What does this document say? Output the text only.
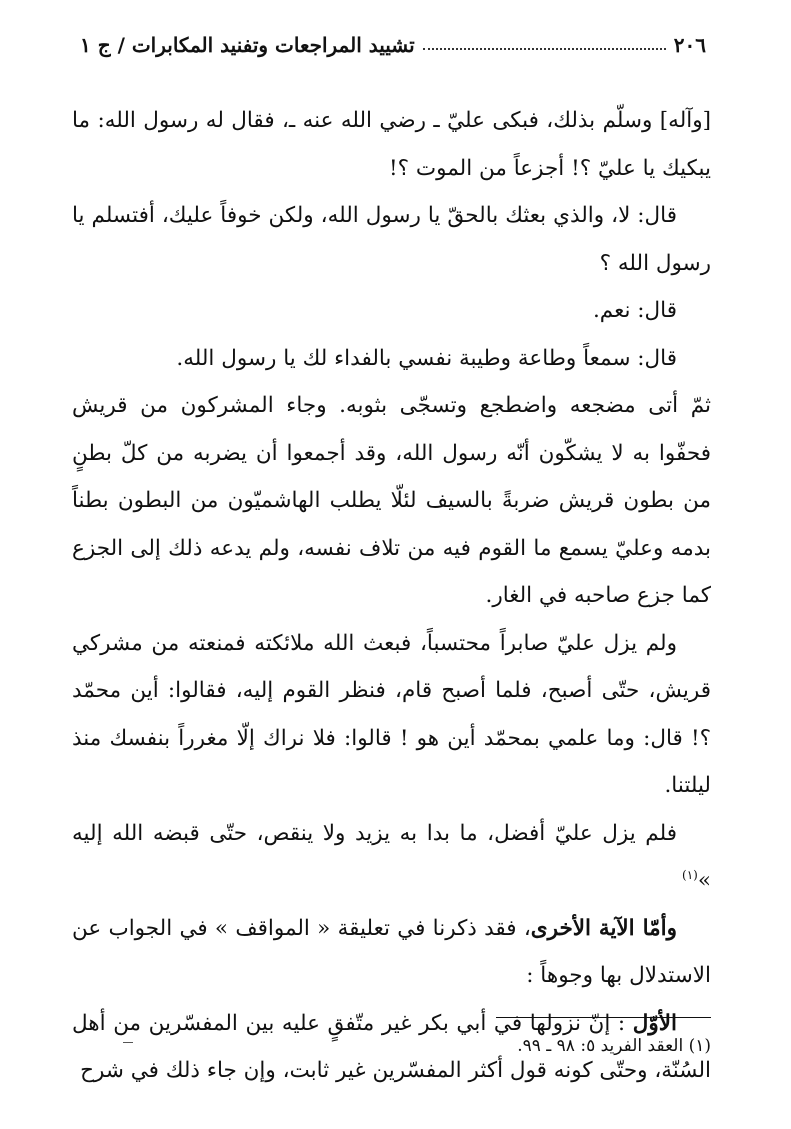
٢٠٦
تشييد المراجعات وتفنيد المكابرات / ج ١

[وآله] وسلّم بذلك، فبكى عليّ ـ رضي الله عنه ـ، فقال له رسول الله: ما يبكيك يا عليّ ؟! أجزعاً من الموت ؟!

قال: لا، والذي بعثك بالحقّ يا رسول الله، ولكن خوفاً عليك، أفتسلم يا رسول الله ؟

قال: نعم.

قال: سمعاً وطاعة وطيبة نفسي بالفداء لك يا رسول الله.

ثمّ أتى مضجعه واضطجع وتسجّى بثوبه. وجاء المشركون من قريش فحفّوا به لا يشكّون أنّه رسول الله، وقد أجمعوا أن يضربه من كلّ بطنٍ من بطون قريش ضربةً بالسيف لئلّا يطلب الهاشميّون من البطون بطناً بدمه وعليّ يسمع ما القوم فيه من تلاف نفسه، ولم يدعه ذلك إلى الجزع كما جزع صاحبه في الغار.

ولم يزل عليّ صابراً محتسباً، فبعث الله ملائكته فمنعته من مشركي قريش، حتّى أصبح، فلما أصبح قام، فنظر القوم إليه، فقالوا: أين محمّد ؟! قال: وما علمي بمحمّد أين هو ! قالوا: فلا نراك إلّا مغرراً بنفسك منذ ليلتنا.

فلم يزل عليّ أفضل، ما بدا به يزيد ولا ينقص، حتّى قبضه الله إليه »$^{(١)}$

وأمّا الآية الأخرى، فقد ذكرنا في تعليقة « المواقف » في الجواب عن الاستدلال بها وجوهاً :

الأوّل : إنّ نزولها في أبي بكر غير متّفقٍ عليه بين المفسّرين من أهل السُنّة، وحتّى كونه قول أكثر المفسّرين غير ثابت، وإن جاء ذلك في شرح

(١) العقد الفريد ٥: ٩٨ ـ ٩٩.
